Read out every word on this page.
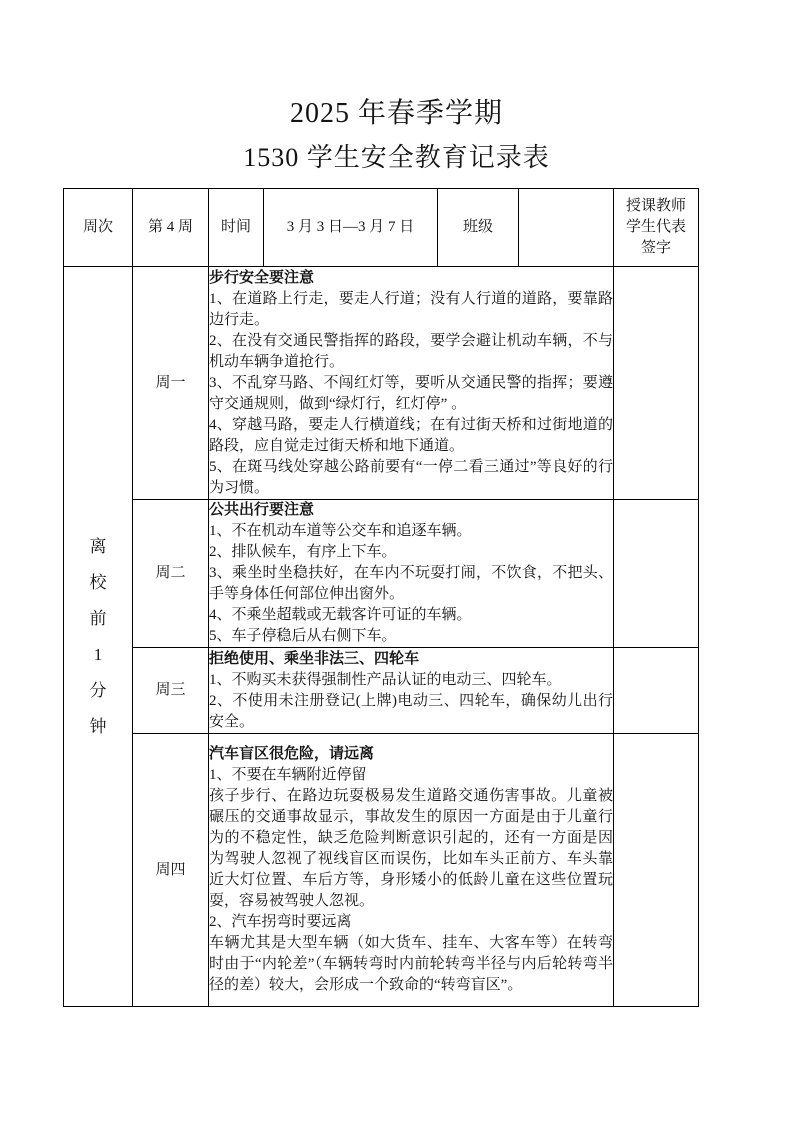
2025 年春季学期
1530 学生安全教育记录表
周次	第 4 周	时间	3 月 3 日—3 月 7 日	班级		授课教师
学生代表
签字

离
校
前
1
分
钟
	周一	
步行安全要注意
1、在道路上行走，要走人行道；没有人行道的道路，要靠路边行走。
2、在没有交通民警指挥的路段，要学会避让机动车辆，不与机动车辆争道抢行。
3、不乱穿马路、不闯红灯等，要听从交通民警的指挥；要遵守交通规则，做到“绿灯行，红灯停” 。
4、穿越马路，要走人行横道线；在有过街天桥和过街地道的路段，应自觉走过街天桥和地下通道。
5、在斑马线处穿越公路前要有“一停二看三通过”等良好的行为习惯。

周二	
公共出行要注意
1、不在机动车道等公交车和追逐车辆。
2、排队候车，有序上下车。
3、乘坐时坐稳扶好，在车内不玩耍打闹，不饮食，不把头、手等身体任何部位伸出窗外。
4、不乘坐超载或无载客许可证的车辆。
5、车子停稳后从右侧下车。

	周三	拒绝使用、乘坐非法三、四轮车
1、不购买未获得强制性产品认证的电动三、四轮车。
2、不使用未注册登记(上牌)电动三、四轮车，确保幼儿出行安全。				

	周四	汽车盲区很危险，请远离
1、不要在车辆附近停留
孩子步行、在路边玩耍极易发生道路交通伤害事故。儿童被碾压的交通事故显示，事故发生的原因一方面是由于儿童行为的不稳定性，缺乏危险判断意识引起的，还有一方面是因为驾驶人忽视了视线盲区而误伤，比如车头正前方、车头靠近大灯位置、车后方等，身形矮小的低龄儿童在这些位置玩耍，容易被驾驶人忽视。
2、汽车拐弯时要远离
车辆尤其是大型车辆（如大货车、挂车、大客车等）在转弯时由于“内轮差”（车辆转弯时内前轮转弯半径与内后轮转弯半径的差）较大，会形成一个致命的“转弯盲区”。				
